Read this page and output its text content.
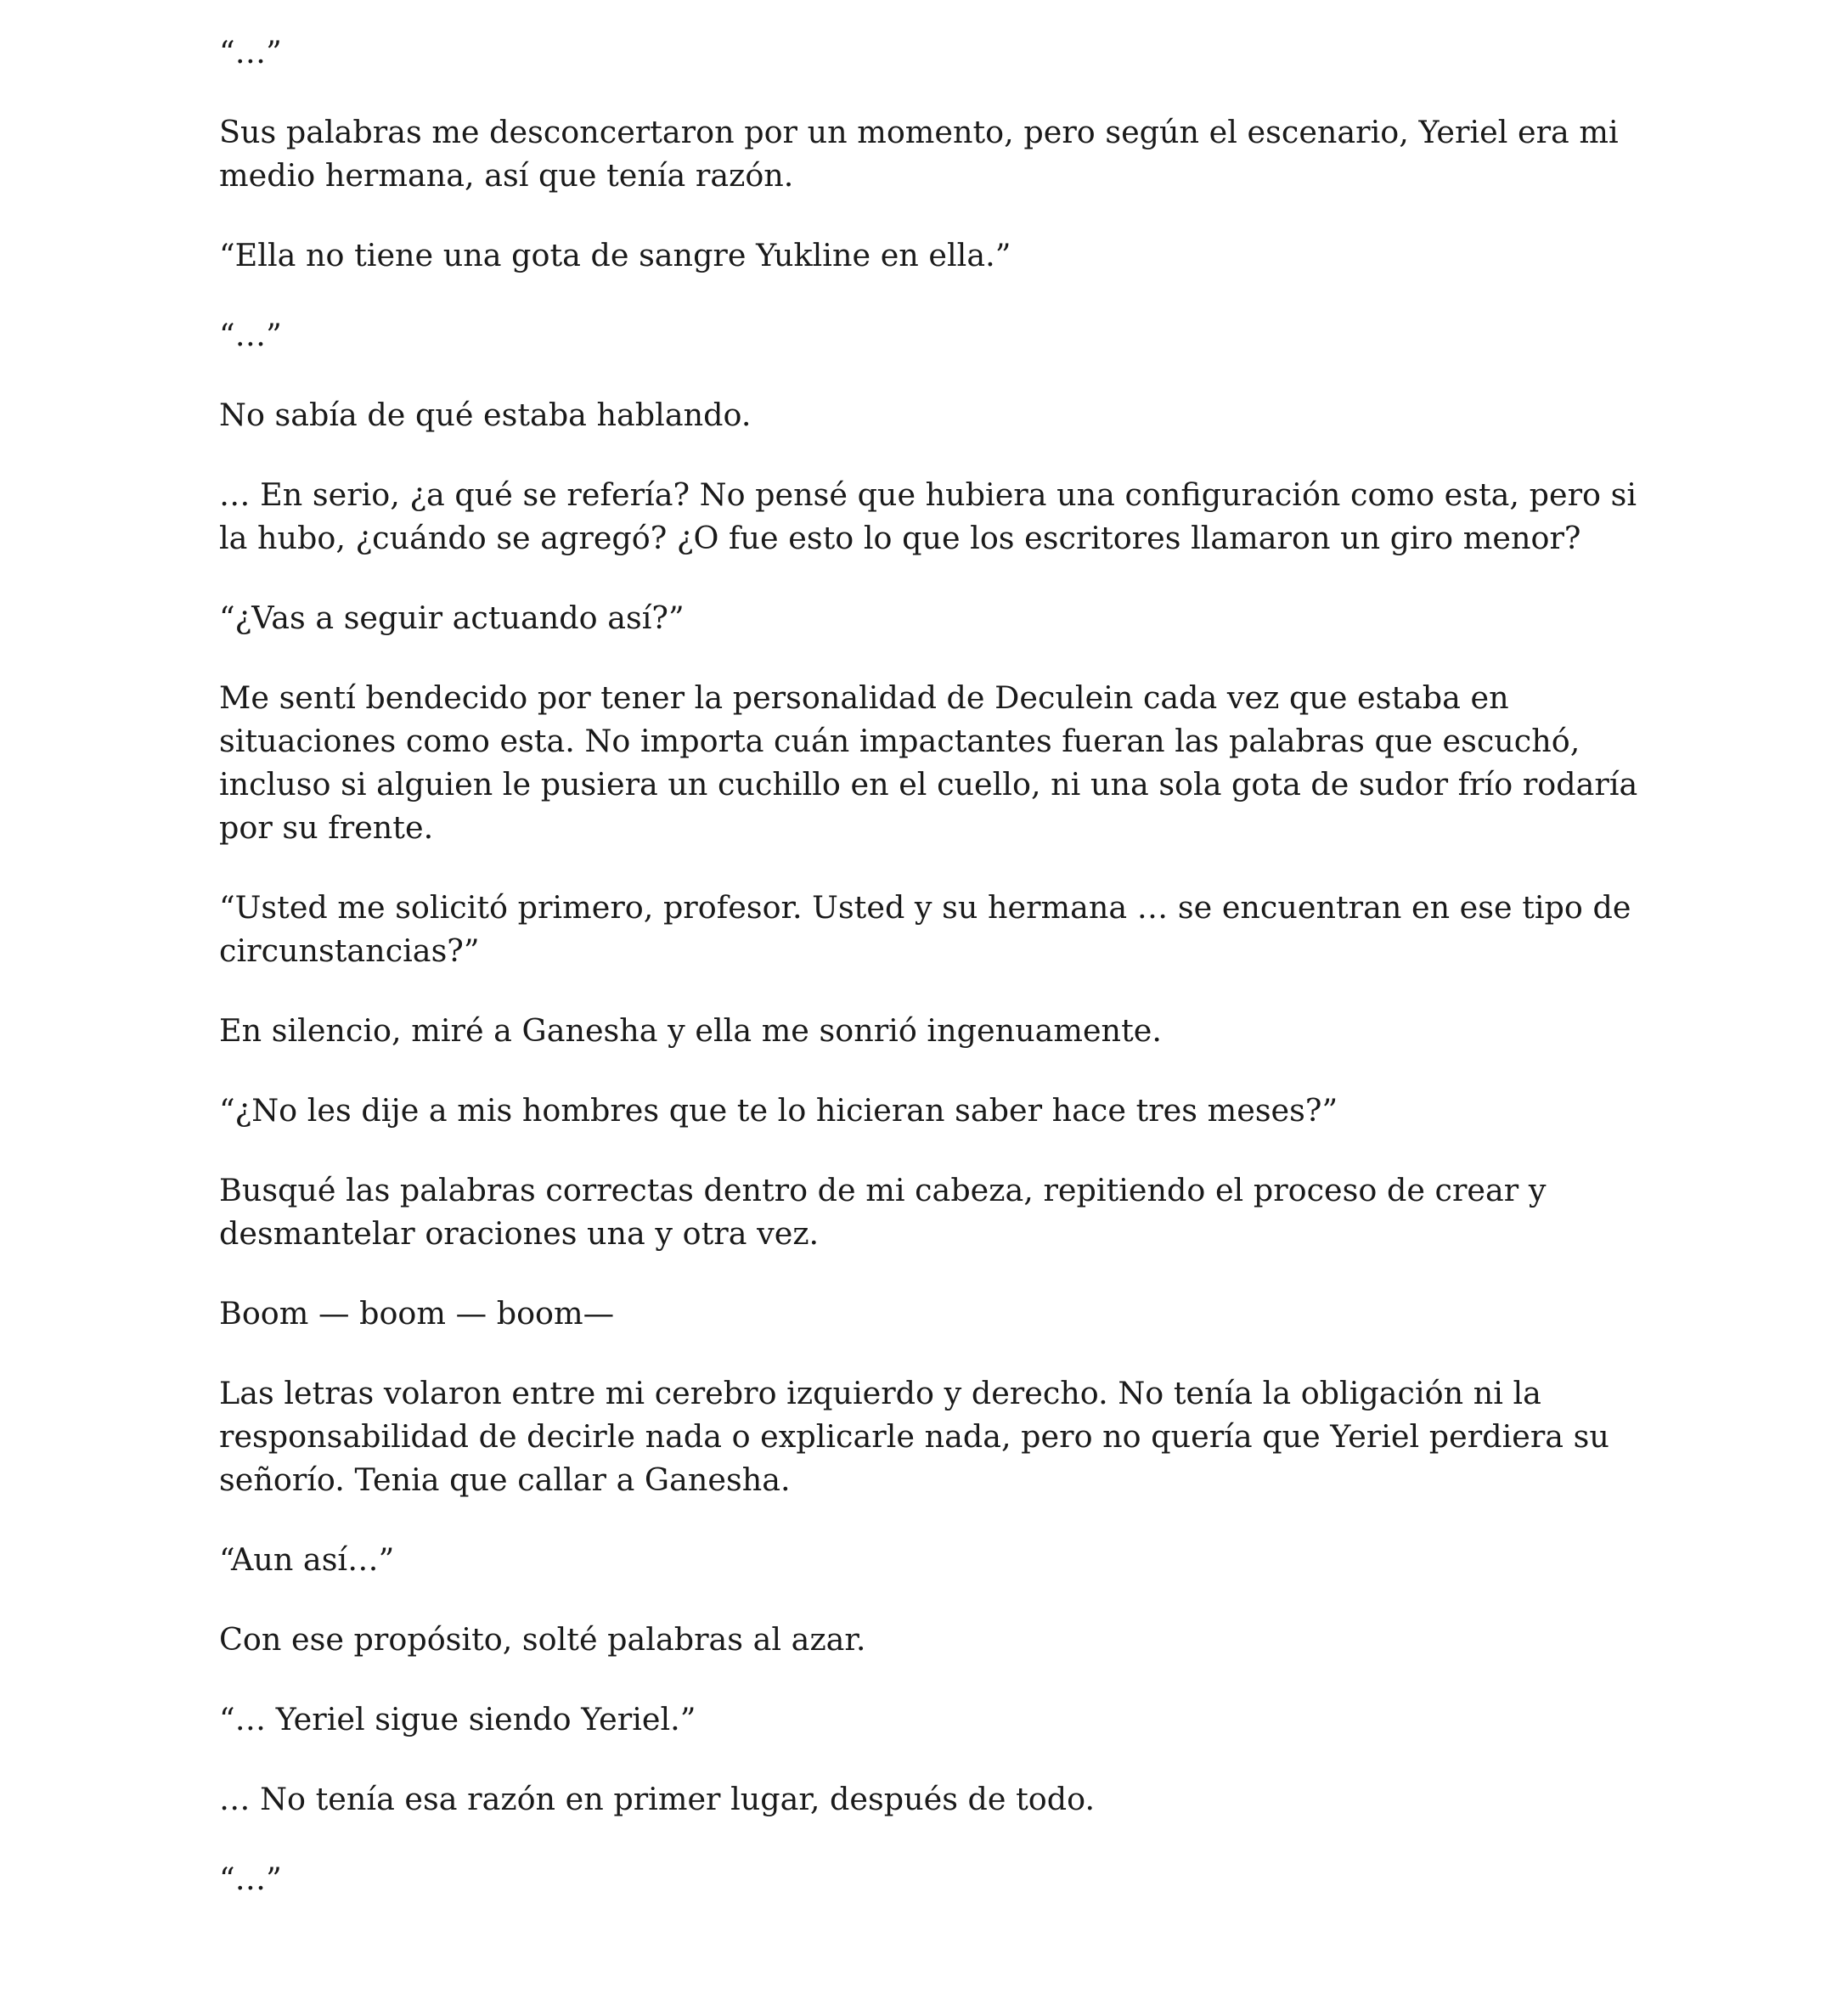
“…”

Sus palabras me desconcertaron por un momento, pero según el escenario, Yeriel era mi medio hermana, así que tenía razón.

“Ella no tiene una gota de sangre Yukline en ella.”

“…”

No sabía de qué estaba hablando.

… En serio, ¿a qué se refería? No pensé que hubiera una configuración como esta, pero si la hubo, ¿cuándo se agregó? ¿O fue esto lo que los escritores llamaron un giro menor?

“¿Vas a seguir actuando así?”

Me sentí bendecido por tener la personalidad de Deculein cada vez que estaba en situaciones como esta. No importa cuán impactantes fueran las palabras que escuchó, incluso si alguien le pusiera un cuchillo en el cuello, ni una sola gota de sudor frío rodaría por su frente.

“Usted me solicitó primero, profesor. Usted y su hermana … se encuentran en ese tipo de circunstancias?”

En silencio, miré a Ganesha y ella me sonrió ingenuamente.

“¿No les dije a mis hombres que te lo hicieran saber hace tres meses?”

Busqué las palabras correctas dentro de mi cabeza, repitiendo el proceso de crear y desmantelar oraciones una y otra vez.

Boom — boom — boom—

Las letras volaron entre mi cerebro izquierdo y derecho. No tenía la obligación ni la responsabilidad de decirle nada o explicarle nada, pero no quería que Yeriel perdiera su señorío. Tenia que callar a Ganesha.

“Aun así…”

Con ese propósito, solté palabras al azar.

“… Yeriel sigue siendo Yeriel.”

… No tenía esa razón en primer lugar, después de todo.

“…”
